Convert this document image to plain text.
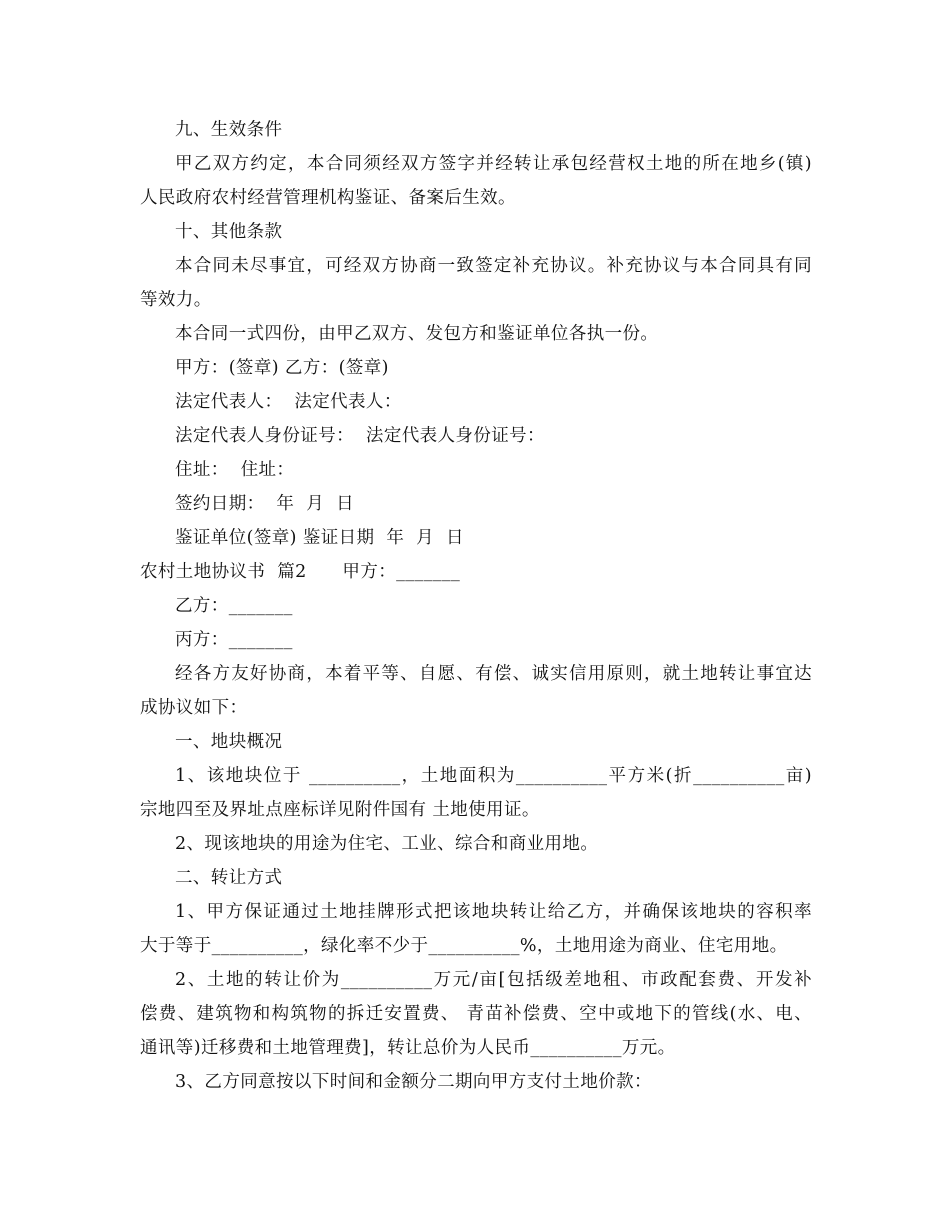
九、生效条件
甲乙双方约定，本合同须经双方签字并经转让承包经营权土地的所在地乡(镇)
人民政府农村经营管理机构鉴证、备案后生效。
十、其他条款
本合同未尽事宜，可经双方协商一致签定补充协议。补充协议与本合同具有同
等效力。
本合同一式四份，由甲乙双方、发包方和鉴证单位各执一份。
甲方：(签章) 乙方：(签章)
法定代表人：  法定代表人：
法定代表人身份证号：  法定代表人身份证号：
住址：  住址：
签约日期：  年  月  日
鉴证单位(签章) 鉴证日期  年  月  日
农村土地协议书  篇2      甲方：_______
乙方：_______
丙方：_______
经各方友好协商，本着平等、自愿、有偿、诚实信用原则，就土地转让事宜达
成协议如下：
一、地块概况
1、该地块位于 __________，土地面积为__________平方米(折__________亩)
宗地四至及界址点座标详见附件国有 土地使用证。
2、现该地块的用途为住宅、工业、综合和商业用地。
二、转让方式
1、甲方保证通过土地挂牌形式把该地块转让给乙方，并确保该地块的容积率
大于等于__________，绿化率不少于__________%，土地用途为商业、住宅用地。
2、土地的转让价为__________万元/亩[包括级差地租、市政配套费、开发补
偿费、建筑物和构筑物的拆迁安置费、 青苗补偿费、空中或地下的管线(水、电、
通讯等)迁移费和土地管理费]，转让总价为人民币__________万元。
3、乙方同意按以下时间和金额分二期向甲方支付土地价款：
